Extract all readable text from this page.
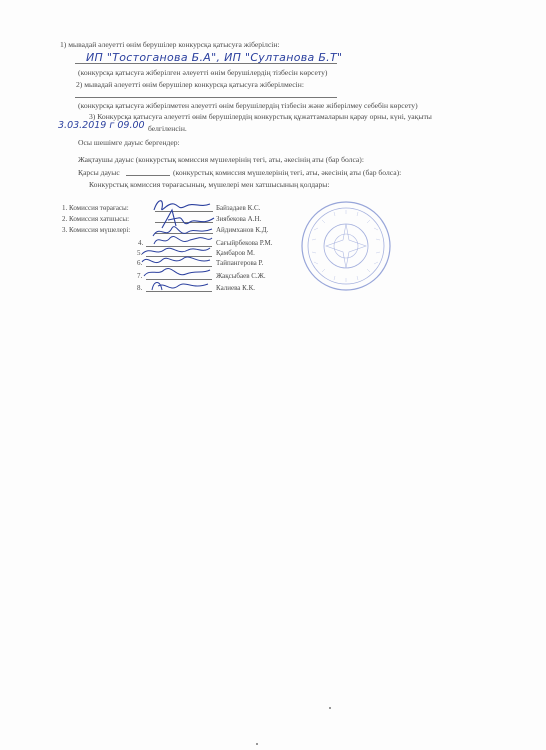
1) мывадай әлеуетті өнім берушілер конкурсқа қатысуға жіберілсін:
ИП "Тостоганова Б.А", ИП "Султанова Б.Т"
(конкурсқа қатысуға жіберілген әлеуетті өнім берушілердің тізбесін көрсету)
2) мывадай әлеуетті өнім берушілер конкурсқа қатысуға жіберілмесін:
(конкурсқа қатысуға жіберілметен әлеуетті өнім берушілердің тізбесін және жіберілмеу себебін көрсету)
3) Конкурсқа қатысуға әлеуетті өнім берушілердің конкурстық құжаттамаларын қарау орны, күні, уақыты
3.03.2019 г 09.00 белгіленсін.
Осы шешімге дауыс бергендер:
Жақтаушы дауыс (конкурстық комиссия мүшелерінің тегі, аты, әкесінің аты (бар болса):
Қарсы дауыс	(конкурстық комиссия мүшелерінің тегі, аты, әкесінің аты (бар болса):
Конкурстық комиссия төрағасының, мүшелері мен хатшысының қолдары:
1. Комиссия төрағасы:	Байзадаев К.С.
2. Комиссия хатшысы:	Зиябекова А.Н.
3. Комиссия мүшелері:	Айдимханов К.Д.
4.	Сағыйрбекова Р.М.
5.	Қамбаров М.
6.	Тайпангерова Р.
7.	Жақсыбаев С.Ж.
8.	Калиева К.К.
